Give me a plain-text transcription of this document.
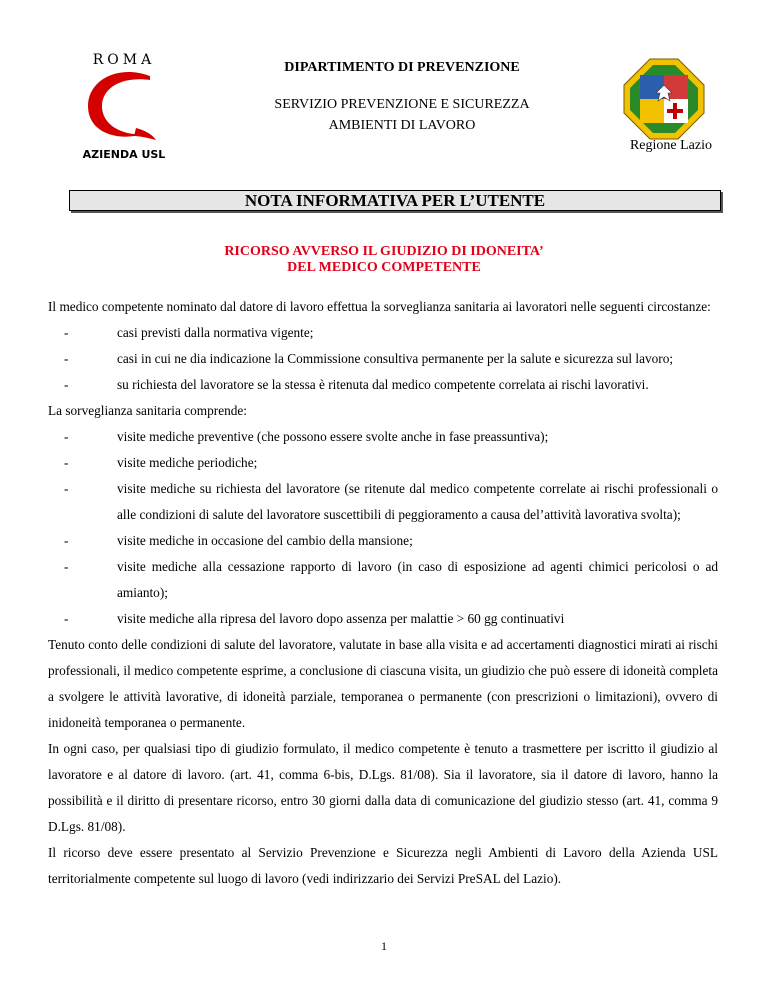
ROMA
AZIENDA USL
DIPARTIMENTO DI PREVENZIONE
SERVIZIO PREVENZIONE E SICUREZZA
AMBIENTI DI LAVORO
Regione Lazio
NOTA INFORMATIVA PER L’UTENTE
RICORSO AVVERSO IL GIUDIZIO DI IDONEITA’
DEL MEDICO COMPETENTE

Il medico competente nominato dal datore di lavoro effettua la sorveglianza sanitaria ai lavoratori nelle seguenti circostanze:

-	casi previsti dalla normativa vigente;
-	casi in cui ne dia indicazione la Commissione consultiva permanente per la salute e sicurezza sul lavoro;
-	su richiesta del lavoratore se la stessa è ritenuta dal medico competente correlata ai rischi lavorativi.

La sorveglianza sanitaria comprende:

-	visite mediche preventive (che possono essere svolte anche in fase preassuntiva);
-	visite mediche periodiche;
-	visite mediche su richiesta del lavoratore (se ritenute dal medico competente correlate ai rischi professionali o alle condizioni di salute del lavoratore suscettibili di peggioramento a causa del’attività lavorativa svolta);
-	visite mediche in occasione del cambio della mansione;
-	visite mediche alla cessazione rapporto di lavoro (in caso di esposizione ad agenti chimici pericolosi o ad amianto);
-	visite mediche alla ripresa del lavoro dopo assenza per malattie > 60 gg continuativi

Tenuto conto delle condizioni di salute del lavoratore, valutate in base alla visita e ad accertamenti diagnostici mirati ai rischi professionali, il medico competente esprime, a conclusione di ciascuna visita, un giudizio che può essere di idoneità completa a svolgere le attività lavorative, di idoneità parziale, temporanea o permanente (con prescrizioni o limitazioni), ovvero di inidoneità temporanea o permanente.

In ogni caso, per qualsiasi tipo di giudizio formulato, il medico competente è tenuto a trasmettere per iscritto il giudizio al lavoratore e al datore di lavoro. (art. 41, comma 6-bis, D.Lgs. 81/08). Sia il lavoratore, sia il datore di lavoro, hanno la possibilità e il diritto di presentare ricorso, entro 30 giorni dalla data di comunicazione del giudizio stesso (art. 41, comma 9 D.Lgs. 81/08).

Il ricorso deve essere presentato al Servizio Prevenzione e Sicurezza negli Ambienti di Lavoro della Azienda USL territorialmente competente sul luogo di lavoro (vedi indirizzario dei Servizi PreSAL del Lazio).

1
